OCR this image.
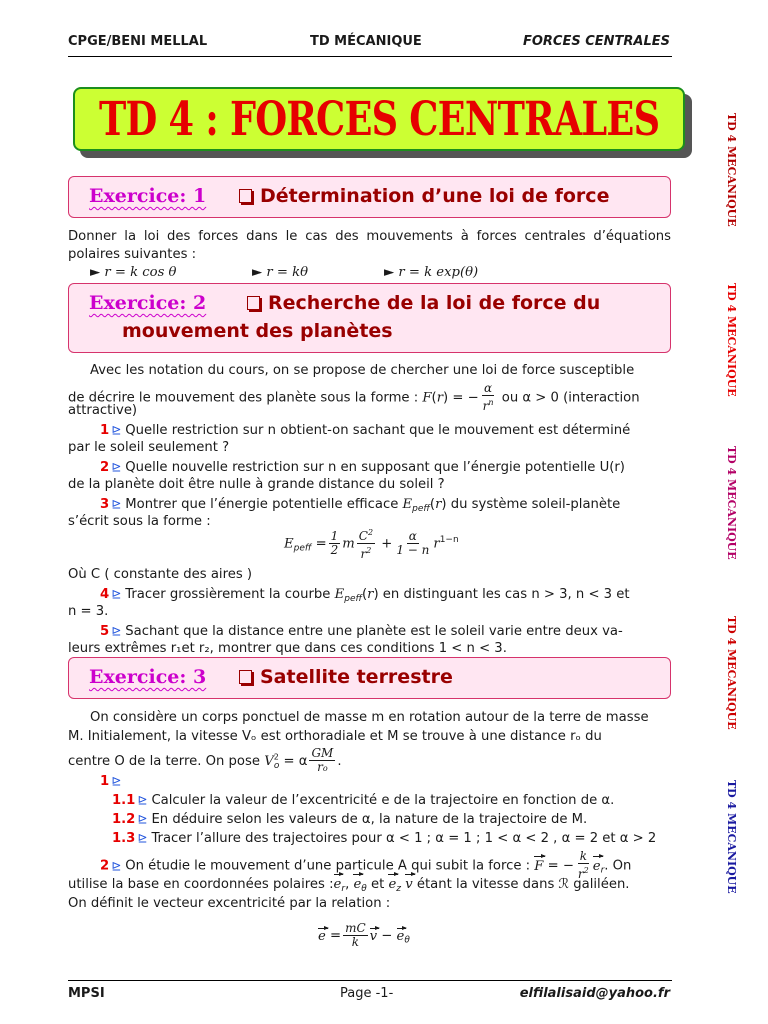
CPGE/BENI MELLAL	TD MÉCANIQUE	FORCES CENTRALES
TD 4 : FORCES CENTRALES	TD 4 MECANIQUE
TD 4 MECANIQUE
TD 4 MECANIQUE
TD 4 MECANIQUE
TD 4 MECANIQUE
Exercice: 1	Détermination d’une loi de force
Donner la loi des forces dans le cas des mouvements à forces centrales d’équations polaires suivantes :
► r = k cos θ	► r = kθ	► r = k exp(θ)
Exercice: 2	Recherche de la loi de force du
mouvement des planètes
Avec les notation du cours, on se propose de chercher une loi de force susceptible
de décrire le mouvement des planète sous la forme : F(r) = − $\frac{\alpha}{r^n}$ ou α > 0 (interaction
attractive)
1 ⊵ Quelle restriction sur n obtient-on sachant que le mouvement est déterminé
par le soleil seulement ?
2 ⊵ Quelle nouvelle restriction sur n en supposant que l’énergie potentielle U(r)
de la planète doit être nulle à grande distance du soleil ?
3 ⊵ Montrer que l’énergie potentielle efficace $E_{peff}(r)$ du système soleil-planète
s’écrit sous la forme :
$E_{peff} = \frac{1}{2}$ m $\frac{C^2}{r^2} + \frac{\alpha}{1 - n} r^{1-n}$
Où C ( constante des aires )
4 ⊵ Tracer grossièrement la courbe $E_{peff}(r)$ en distinguant les cas n > 3, n < 3 et
n = 3.
5 ⊵ Sachant que la distance entre une planète est le soleil varie entre deux va-
leurs extrêmes r₁et r₂, montrer que dans ces conditions 1 < n < 3.
Exercice: 3	Satellite terrestre
On considère un corps ponctuel de masse m en rotation autour de la terre de masse
M. Initialement, la vitesse Vₒ est orthoradiale et M se trouve à une distance rₒ du
centre O de la terre. On pose $V^2_o = \alpha \frac{GM}{ro}$ .
1 ⊵
1.1 ⊵ Calculer la valeur de l’excentricité e de la trajectoire en fonction de α.
1.2 ⊵ En déduire selon les valeurs de α, la nature de la trajectoire de M.
1.3 ⊵ Tracer l’allure des trajectoires pour α < 1 ; α = 1 ; 1 < α < 2 , α = 2 et α > 2
2 ⊵ On étudie le mouvement d’une particule A qui subit la force : F = − $\frac{k}{r^2} e_r$. On
utilise la base en coordonnées polaires $:e_r$, $e_\theta$ et $e_z$ v étant la vitesse dans ℛ galiléen.
On définit le vecteur excentricité par la relation :
$e = \frac{mC}{k}$ $v - e_\theta$
MPSI	Page -1-	elfilalisaid@yahoo.fr
